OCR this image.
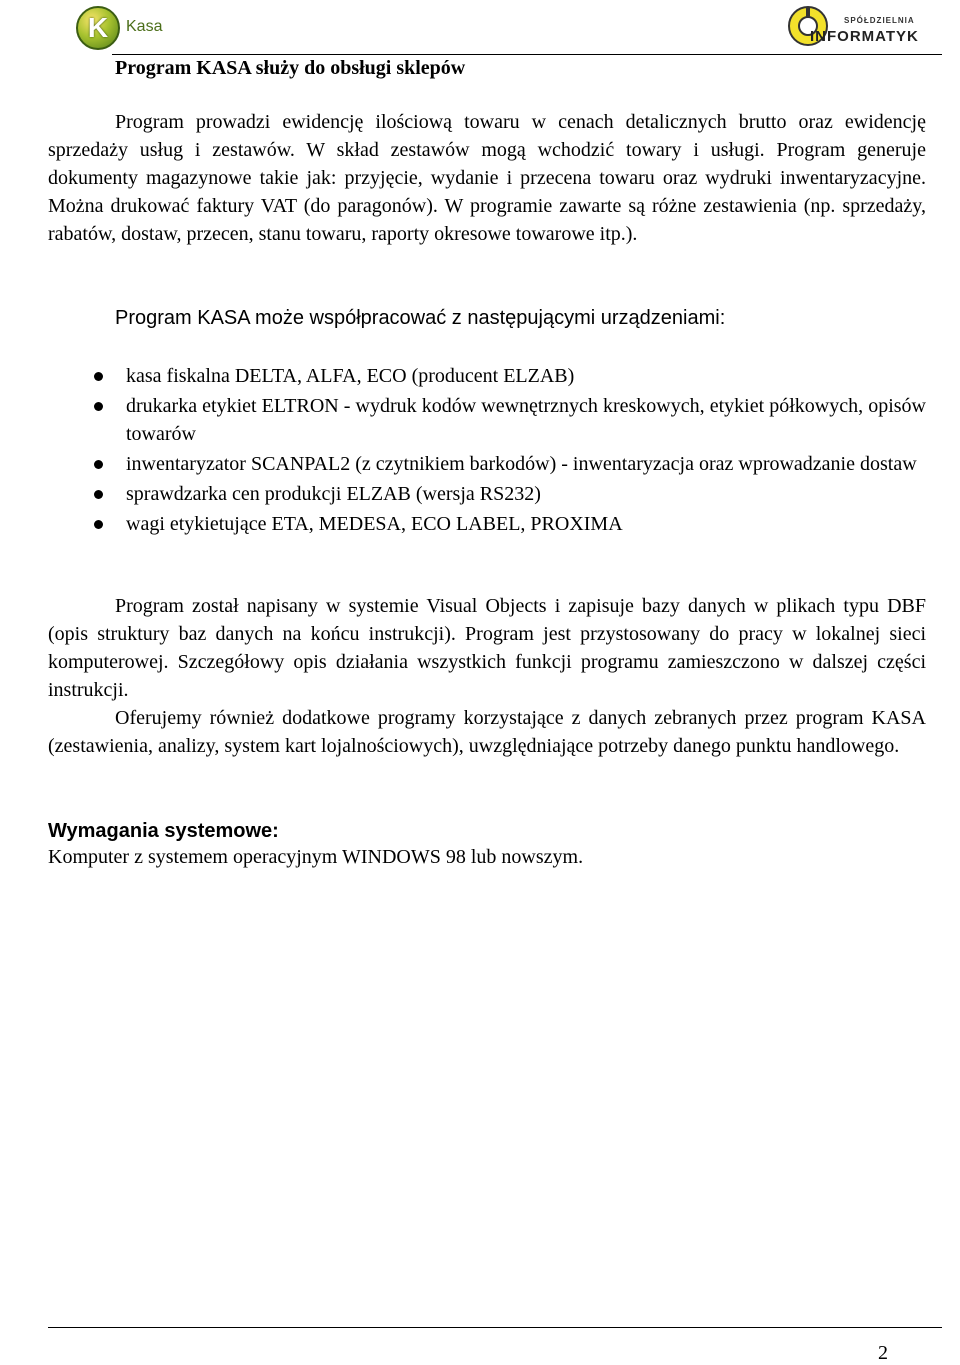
K	Kasa	SPÓŁDZIELNIA
INFORMATYK
Program KASA służy do obsługi sklepów

Program prowadzi ewidencję ilościową towaru w cenach detalicznych brutto oraz ewidencję sprzedaży usług i zestawów. W skład zestawów mogą wchodzić towary i usługi. Program generuje dokumenty magazynowe takie jak: przyjęcie, wydanie i przecena towaru oraz wydruki inwentaryzacyjne. Można drukować faktury VAT (do paragonów). W programie zawarte są różne zestawienia (np. sprzedaży, rabatów, dostaw, przecen, stanu towaru, raporty okresowe towarowe itp.).

Program KASA może współpracować z następującymi urządzeniami:

kasa fiskalna DELTA, ALFA, ECO (producent ELZAB)
drukarka etykiet ELTRON - wydruk kodów wewnętrznych kreskowych, etykiet półkowych, opisów towarów
inwentaryzator SCANPAL2 (z czytnikiem barkodów) - inwentaryzacja oraz wprowadzanie dostaw
sprawdzarka cen produkcji ELZAB (wersja RS232)
wagi etykietujące ETA, MEDESA, ECO LABEL, PROXIMA

Program został napisany w systemie Visual Objects i zapisuje bazy danych w plikach typu DBF (opis struktury baz danych na końcu instrukcji). Program jest przystosowany do pracy w lokalnej sieci komputerowej. Szczegółowy opis działania wszystkich funkcji programu zamieszczono w dalszej części instrukcji.

Oferujemy również dodatkowe programy korzystające z danych zebranych przez program KASA (zestawienia, analizy, system kart lojalnościowych), uwzględniające potrzeby danego punktu handlowego.

Wymagania systemowe:
Komputer z systemem operacyjnym WINDOWS 98 lub nowszym.
2
